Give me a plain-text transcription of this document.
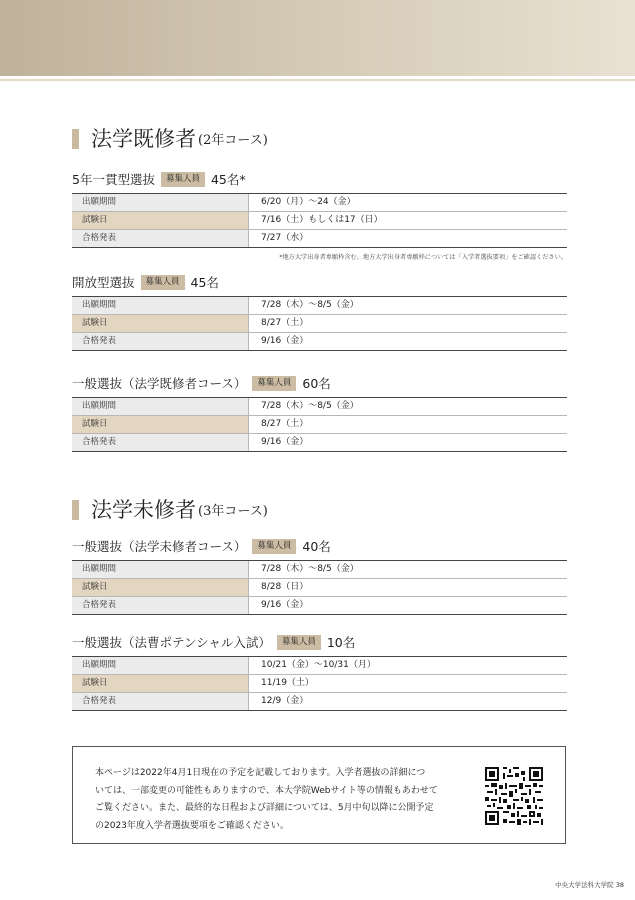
法学既修者 (2年コース)
5年一貫型選抜	募集人員 45名*
出願期間	6/20（月）〜24（金）
試験日	7/16（土）もしくは17（日）
合格発表	7/27（水）
*地方大学出身者専願枠含む。地方大学出身者専願枠については「入学者選抜要項」をご確認ください。
開放型選抜	募集人員 45名
出願期間	7/28（木）〜8/5（金）
試験日	8/27（土）
合格発表	9/16（金）
一般選抜（法学既修者コース）	募集人員 60名
出願期間	7/28（木）〜8/5（金）
試験日	8/27（土）
合格発表	9/16（金）
法学未修者 (3年コース)
一般選抜（法学未修者コース）	募集人員 40名
出願期間	7/28（木）〜8/5（金）
試験日	8/28（日）
合格発表	9/16（金）
一般選抜（法曹ポテンシャル入試）	募集人員 10名
出願期間	10/21（金）〜10/31（月）
試験日	11/19（土）
合格発表	12/9（金）
本ページは2022年4月1日現在の予定を記載しております。入学者選抜の詳細につ
いては、一部変更の可能性もありますので、本大学院Webサイト等の情報もあわせて
ご覧ください。また、最終的な日程および詳細については、5月中旬以降に公開予定
の2023年度入学者選抜要項をご確認ください。
中央大学法科大学院 38
